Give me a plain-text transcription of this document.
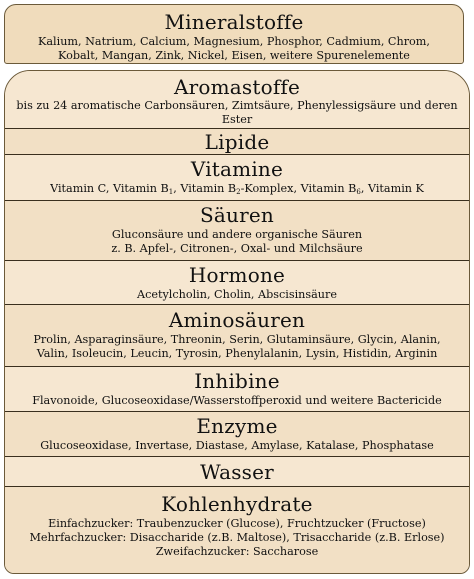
Mineralstoffe
Kalium, Natrium, Calcium, Magnesium, Phosphor, Cadmium, Chrom,
Kobalt, Mangan, Zink, Nickel, Eisen, weitere Spurenelemente
Aromastoffe
bis zu 24 aromatische Carbonsäuren, Zimtsäure, Phenylessigsäure und deren Ester
Lipide
Vitamine
Vitamin C, Vitamin $B_1$, Vitamin $B_2$-Komplex, Vitamin $B_6$, Vitamin K
Säuren
Gluconsäure und andere organische Säuren
z. B. Apfel-, Citronen-, Oxal- und Milchsäure
Hormone
Acetylcholin, Cholin, Abscisinsäure
Aminosäuren
Prolin, Asparaginsäure, Threonin, Serin, Glutaminsäure, Glycin, Alanin,
Valin, Isoleucin, Leucin, Tyrosin, Phenylalanin, Lysin, Histidin, Arginin
Inhibine
Flavonoide, Glucoseoxidase/Wasserstoffperoxid und weitere Bactericide
Enzyme
Glucoseoxidase, Invertase, Diastase, Amylase, Katalase, Phosphatase
Wasser
Kohlenhydrate
Einfachzucker: Traubenzucker (Glucose), Fruchtzucker (Fructose)
Mehrfachzucker: Disaccharide (z.B. Maltose), Trisaccharide (z.B. Erlose)
Zweifachzucker: Saccharose
